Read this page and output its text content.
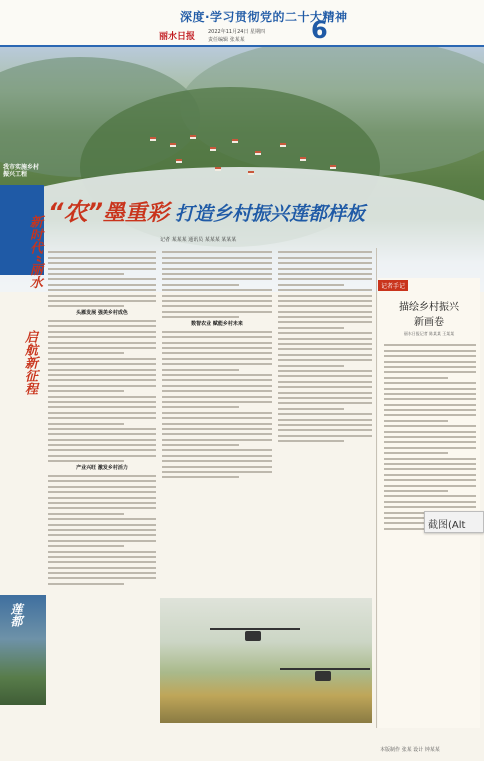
深度·学习贯彻党的二十大精神
丽水日报	2022年11月24日 星期四
责任编辑 张某某	6
我市实施乡村振兴工程
“农”墨重彩 打造乡村振兴莲都样板
记者 某某某 通讯员 某某某 某某某
新时代“丽水
启航新征程
头雁发展 强美乡村成色
产业兴旺 激发乡村活力
数智农业 赋能乡村未来
莲都
记者手记
描绘乡村振兴
新画卷
丽水日报记者 陈某某 王某某
截图(Alt
本版制作 张某 设计 钟某某
